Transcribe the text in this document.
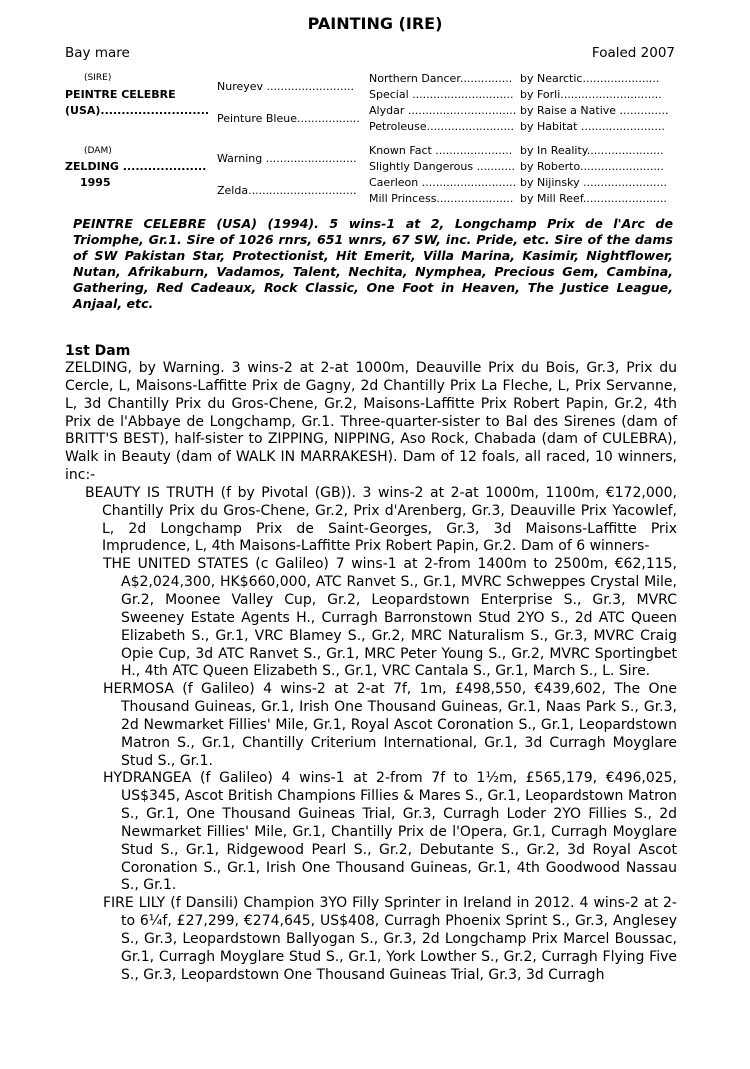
PAINTING (IRE)
Bay mare	Foaled 2007
(SIRE)
PEINTRE CELEBRE
(USA)..........................
(DAM)
ZELDING ....................
1995
Nureyev .........................
Peinture Bleue..................
Warning ..........................
Zelda...............................
Northern Dancer...............
Special .............................
Alydar ...............................
Petroleuse.........................
Known Fact ......................
Slightly Dangerous ...........
Caerleon ...........................
Mill Princess......................
by Nearctic......................
by Forli.............................
by Raise a Native ..............
by Habitat ........................
by In Reality......................
by Roberto........................
by Nijinsky ........................
by Mill Reef........................
PEINTRE CELEBRE (USA) (1994). 5 wins-1 at 2, Longchamp Prix de l'Arc de Triomphe, Gr.1. Sire of 1026 rnrs, 651 wnrs, 67 SW, inc. Pride, etc. Sire of the dams of SW Pakistan Star, Protectionist, Hit Emerit, Villa Marina, Kasimir, Nightflower, Nutan, Afrikaburn, Vadamos, Talent, Nechita, Nymphea, Precious Gem, Cambina, Gathering, Red Cadeaux, Rock Classic, One Foot in Heaven, The Justice League, Anjaal, etc.
1st Dam

ZELDING, by Warning. 3 wins-2 at 2-at 1000m, Deauville Prix du Bois, Gr.3, Prix du Cercle, L, Maisons-Laffitte Prix de Gagny, 2d Chantilly Prix La Fleche, L, Prix Servanne, L, 3d Chantilly Prix du Gros-Chene, Gr.2, Maisons-Laffitte Prix Robert Papin, Gr.2, 4th Prix de l'Abbaye de Longchamp, Gr.1. Three-quarter-sister to Bal des Sirenes (dam of BRITT'S BEST), half-sister to ZIPPING, NIPPING, Aso Rock, Chabada (dam of CULEBRA), Walk in Beauty (dam of WALK IN MARRAKESH). Dam of 12 foals, all raced, 10 winners, inc:-

BEAUTY IS TRUTH (f by Pivotal (GB)). 3 wins-2 at 2-at 1000m, 1100m, €172,000, Chantilly Prix du Gros-Chene, Gr.2, Prix d'Arenberg, Gr.3, Deauville Prix Yacowlef, L, 2d Longchamp Prix de Saint-Georges, Gr.3, 3d Maisons-Laffitte Prix Imprudence, L, 4th Maisons-Laffitte Prix Robert Papin, Gr.2. Dam of 6 winners-

THE UNITED STATES (c Galileo) 7 wins-1 at 2-from 1400m to 2500m, €62,115, A$2,024,300, HK$660,000, ATC Ranvet S., Gr.1, MVRC Schweppes Crystal Mile, Gr.2, Moonee Valley Cup, Gr.2, Leopardstown Enterprise S., Gr.3, MVRC Sweeney Estate Agents H., Curragh Barronstown Stud 2YO S., 2d ATC Queen Elizabeth S., Gr.1, VRC Blamey S., Gr.2, MRC Naturalism S., Gr.3, MVRC Craig Opie Cup, 3d ATC Ranvet S., Gr.1, MRC Peter Young S., Gr.2, MVRC Sportingbet H., 4th ATC Queen Elizabeth S., Gr.1, VRC Cantala S., Gr.1, March S., L. Sire.

HERMOSA (f Galileo) 4 wins-2 at 2-at 7f, 1m, £498,550, €439,602, The One Thousand Guineas, Gr.1, Irish One Thousand Guineas, Gr.1, Naas Park S., Gr.3, 2d Newmarket Fillies' Mile, Gr.1, Royal Ascot Coronation S., Gr.1, Leopardstown Matron S., Gr.1, Chantilly Criterium International, Gr.1, 3d Curragh Moyglare Stud S., Gr.1.

HYDRANGEA (f Galileo) 4 wins-1 at 2-from 7f to 1½m, £565,179, €496,025, US$345, Ascot British Champions Fillies & Mares S., Gr.1, Leopardstown Matron S., Gr.1, One Thousand Guineas Trial, Gr.3, Curragh Loder 2YO Fillies S., 2d Newmarket Fillies' Mile, Gr.1, Chantilly Prix de l'Opera, Gr.1, Curragh Moyglare Stud S., Gr.1, Ridgewood Pearl S., Gr.2, Debutante S., Gr.2, 3d Royal Ascot Coronation S., Gr.1, Irish One Thousand Guineas, Gr.1, 4th Goodwood Nassau S., Gr.1.

FIRE LILY (f Dansili) Champion 3YO Filly Sprinter in Ireland in 2012. 4 wins-2 at 2-to 6¼f, £27,299, €274,645, US$408, Curragh Phoenix Sprint S., Gr.3, Anglesey S., Gr.3, Leopardstown Ballyogan S., Gr.3, 2d Longchamp Prix Marcel Boussac, Gr.1, Curragh Moyglare Stud S., Gr.1, York Lowther S., Gr.2, Curragh Flying Five S., Gr.3, Leopardstown One Thousand Guineas Trial, Gr.3, 3d Curragh
